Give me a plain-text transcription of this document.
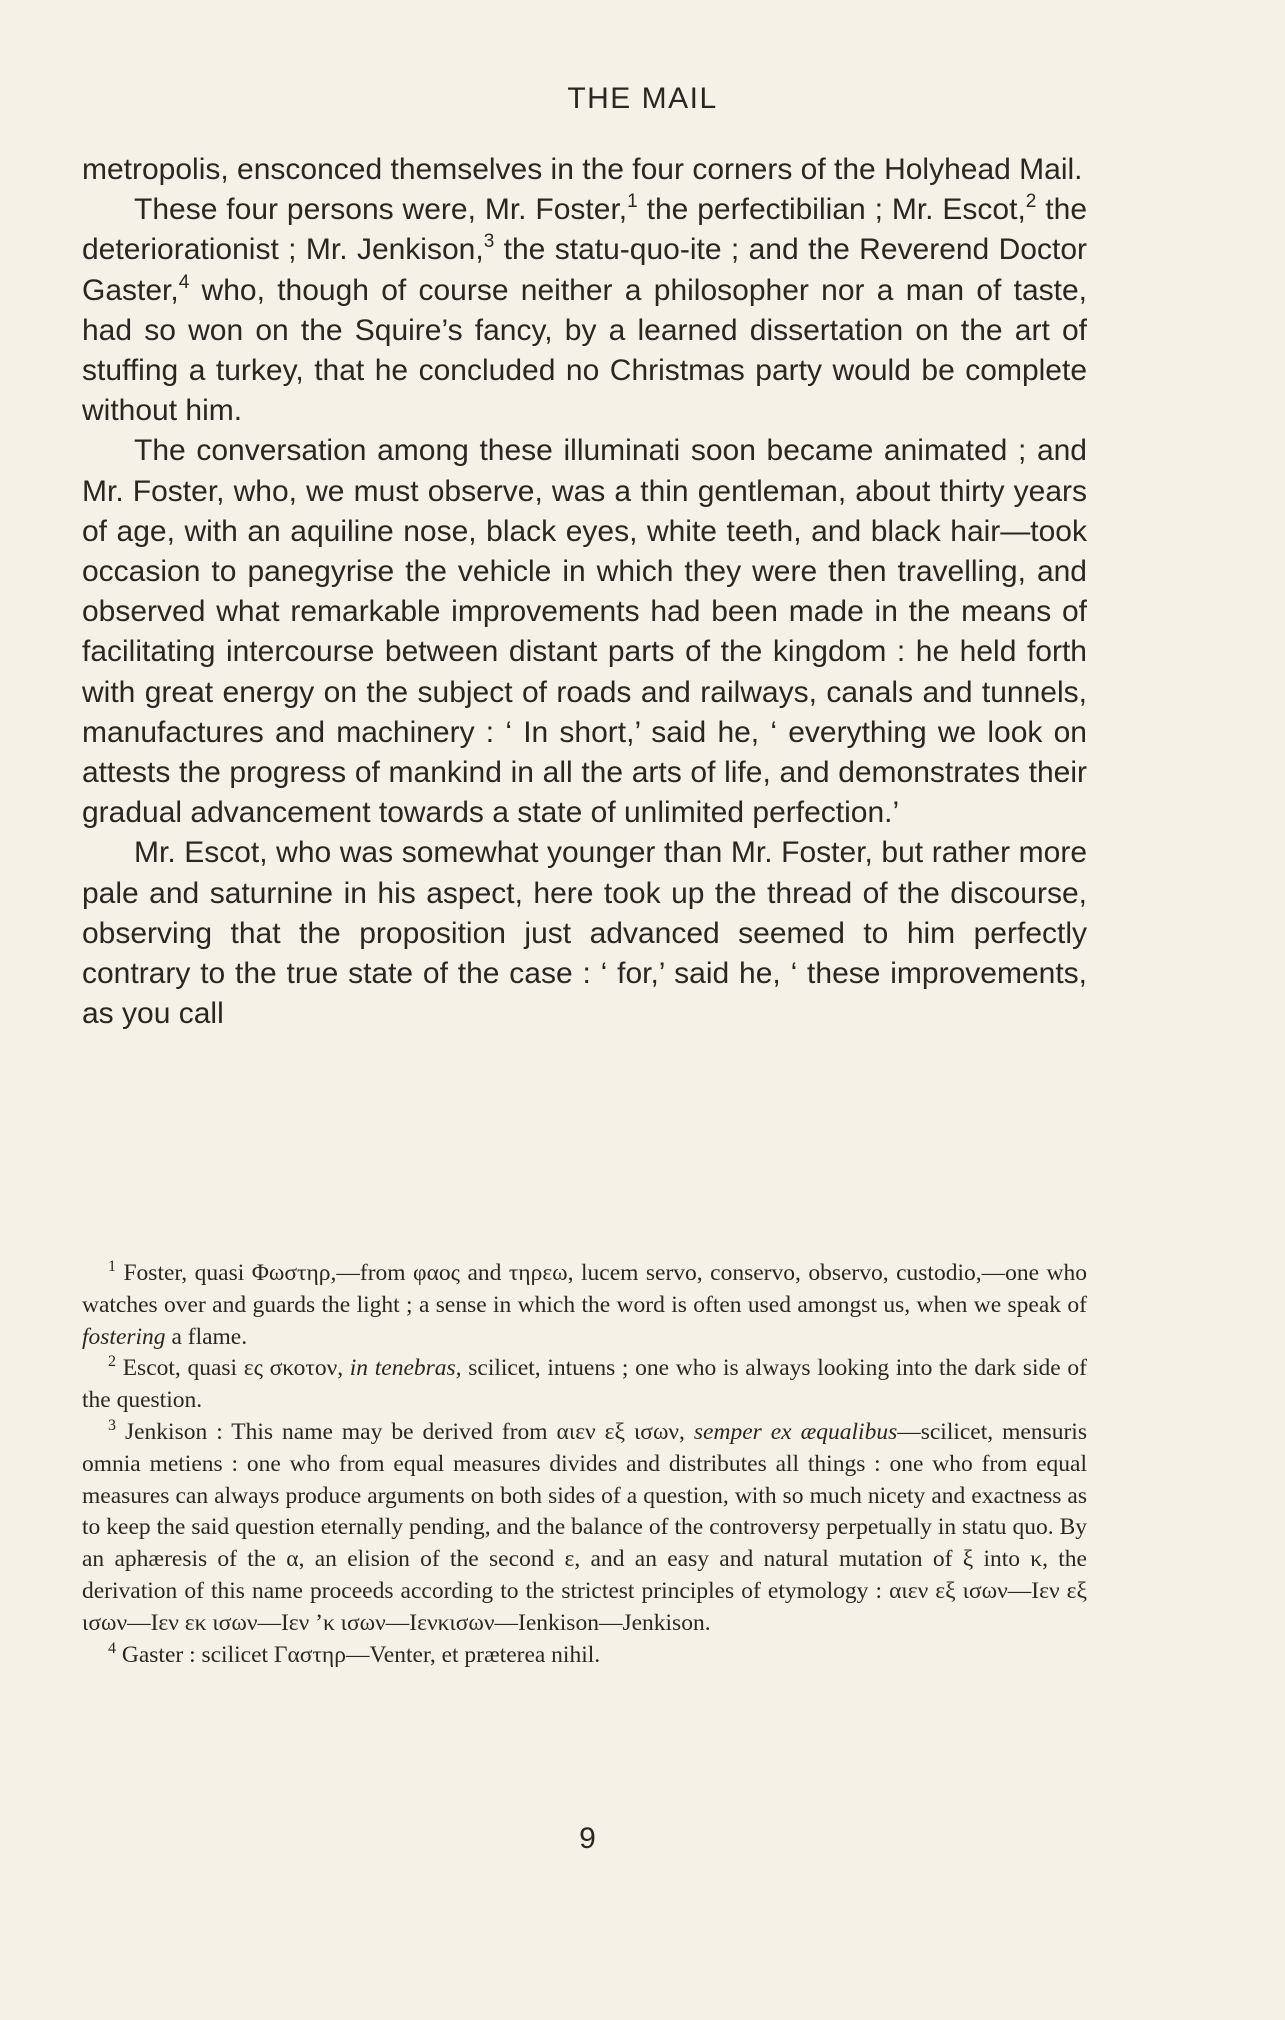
THE MAIL

metropolis, ensconced themselves in the four corners of the Holyhead Mail.

These four persons were, Mr. Foster,$^1$ the perfectibilian ; Mr. Escot,$^2$ the deteriorationist ; Mr. Jenkison,$^3$ the statu-quo-ite ; and the Reverend Doctor Gaster,$^4$ who, though of course neither a philosopher nor a man of taste, had so won on the Squire’s fancy, by a learned dissertation on the art of stuffing a turkey, that he concluded no Christmas party would be complete without him.

The conversation among these illuminati soon became animated ; and Mr. Foster, who, we must observe, was a thin gentleman, about thirty years of age, with an aquiline nose, black eyes, white teeth, and black hair—took occasion to panegyrise the vehicle in which they were then travelling, and observed what remarkable improvements had been made in the means of facilitating intercourse between distant parts of the kingdom : he held forth with great energy on the subject of roads and railways, canals and tunnels, manufactures and machinery : ‘ In short,’ said he, ‘ everything we look on attests the progress of mankind in all the arts of life, and demonstrates their gradual advancement towards a state of unlimited perfection.’

Mr. Escot, who was somewhat younger than Mr. Foster, but rather more pale and saturnine in his aspect, here took up the thread of the discourse, observing that the proposition just advanced seemed to him perfectly contrary to the true state of the case : ‘ for,’ said he, ‘ these improvements, as you call

$^1$ Foster, quasi Φωστηρ,—from φαος and τηρεω, lucem servo, conservo, observo, custodio,—one who watches over and guards the light ; a sense in which the word is often used amongst us, when we speak of fostering a flame.

$^2$ Escot, quasi ες σκοτον, in tenebras, scilicet, intuens ; one who is always looking into the dark side of the question.

$^3$ Jenkison : This name may be derived from αιεν εξ ισων, semper ex æqualibus—scilicet, mensuris omnia metiens : one who from equal measures divides and distributes all things : one who from equal measures can always produce arguments on both sides of a question, with so much nicety and exactness as to keep the said question eternally pending, and the balance of the controversy perpetually in statu quo. By an aphæresis of the α, an elision of the second ε, and an easy and natural mutation of ξ into κ, the derivation of this name proceeds according to the strictest principles of etymology : αιεν εξ ισων—Ιεν εξ ισων—Ιεν εκ ισων—Ιεν ’κ ισων—Ιενκισων—Ienkison—Jenkison.

$^4$ Gaster : scilicet Γαστηρ—Venter, et præterea nihil.

9
